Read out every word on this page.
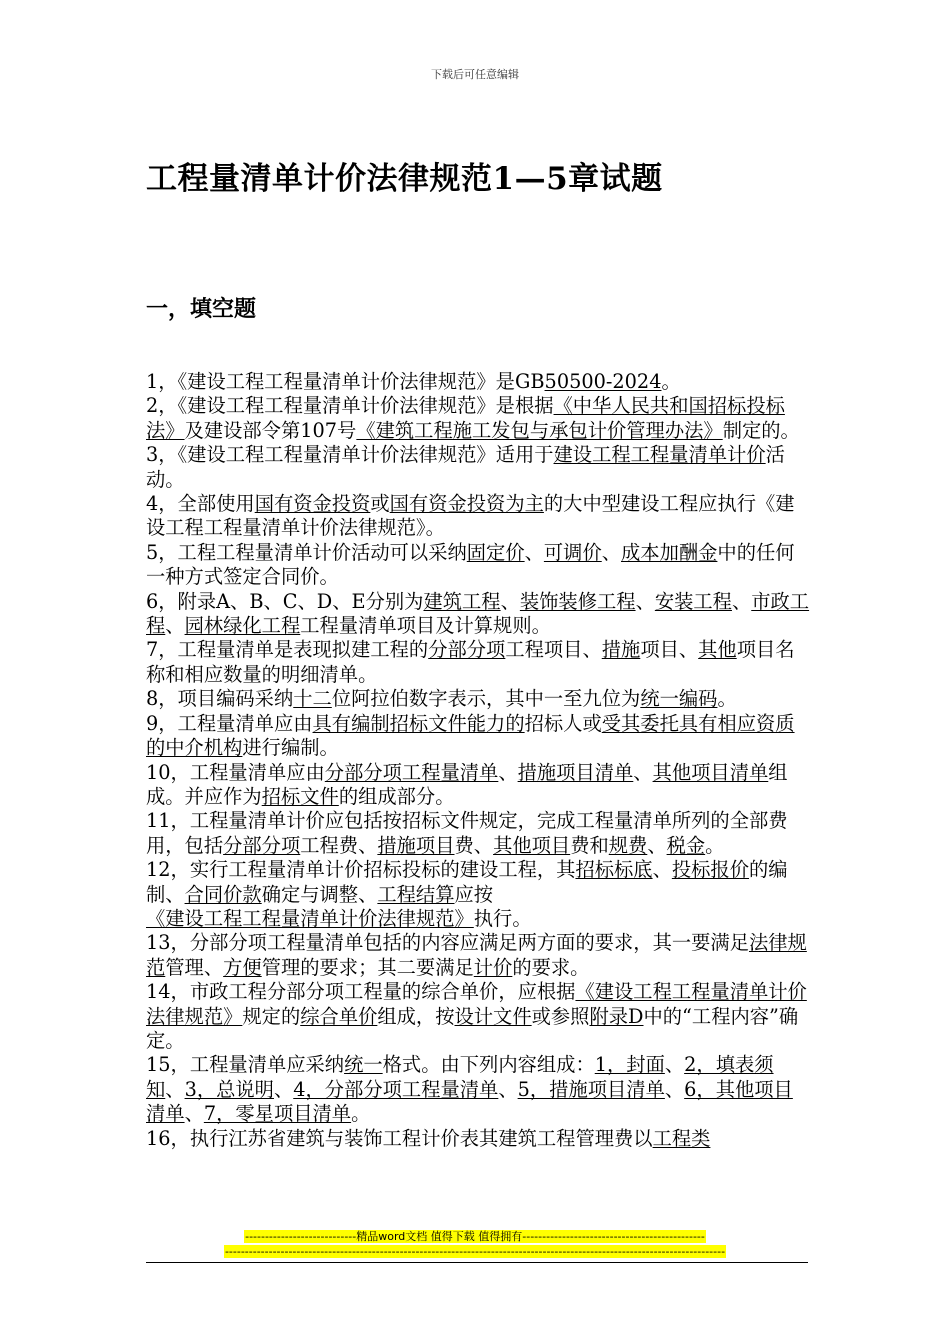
下载后可任意编辑
工程量清单计价法律规范1—5章试题
一，填空题

1，《建设工程工程量清单计价法律规范》是GB50500-2024。

2，《建设工程工程量清单计价法律规范》是根据《中华人民共和国招标投标法》及建设部令第107号《建筑工程施工发包与承包计价管理办法》制定的。

3，《建设工程工程量清单计价法律规范》适用于建设工程工程量清单计价活动。

4，全部使用国有资金投资或国有资金投资为主的大中型建设工程应执行《建设工程工程量清单计价法律规范》。

5，工程工程量清单计价活动可以采纳固定价、可调价、成本加酬金中的任何一种方式签定合同价。

6，附录A、B、C、D、E分别为建筑工程、装饰装修工程、安装工程、市政工程、园林绿化工程工程量清单项目及计算规则。

7，工程量清单是表现拟建工程的分部分项工程项目、措施项目、其他项目名称和相应数量的明细清单。

8，项目编码采纳十二位阿拉伯数字表示，其中一至九位为统一编码。

9，工程量清单应由具有编制招标文件能力的招标人或受其委托具有相应资质的中介机构进行编制。

10，工程量清单应由分部分项工程量清单、措施项目清单、其他项目清单组成。并应作为招标文件的组成部分。

11，工程量清单计价应包括按招标文件规定，完成工程量清单所列的全部费用，包括分部分项工程费、措施项目费、其他项目费和规费、税金。

12，实行工程量清单计价招标投标的建设工程，其招标标底、投标报价的编制、合同价款确定与调整、工程结算应按《建设工程工程量清单计价法律规范》执行。

13，分部分项工程量清单包括的内容应满足两方面的要求，其一要满足法律规范管理、方便管理的要求；其二要满足计价的要求。

14，市政工程分部分项工程量的综合单价，应根据《建设工程工程量清单计价法律规范》规定的综合单价组成，按设计文件或参照附录D中的“工程内容”确定。

15，工程量清单应采纳统一格式。由下列内容组成：1，封面、2，填表须知、3，总说明、4，分部分项工程量清单、5，措施项目清单、6，其他项目清单、7，零星项目清单。

16，执行江苏省建筑与装饰工程计价表其建筑工程管理费以工程类

----------------------------精品word文档 值得下载 值得拥有----------------------------------------------
------------------------------------------------------------------------------------------------------------------------------
